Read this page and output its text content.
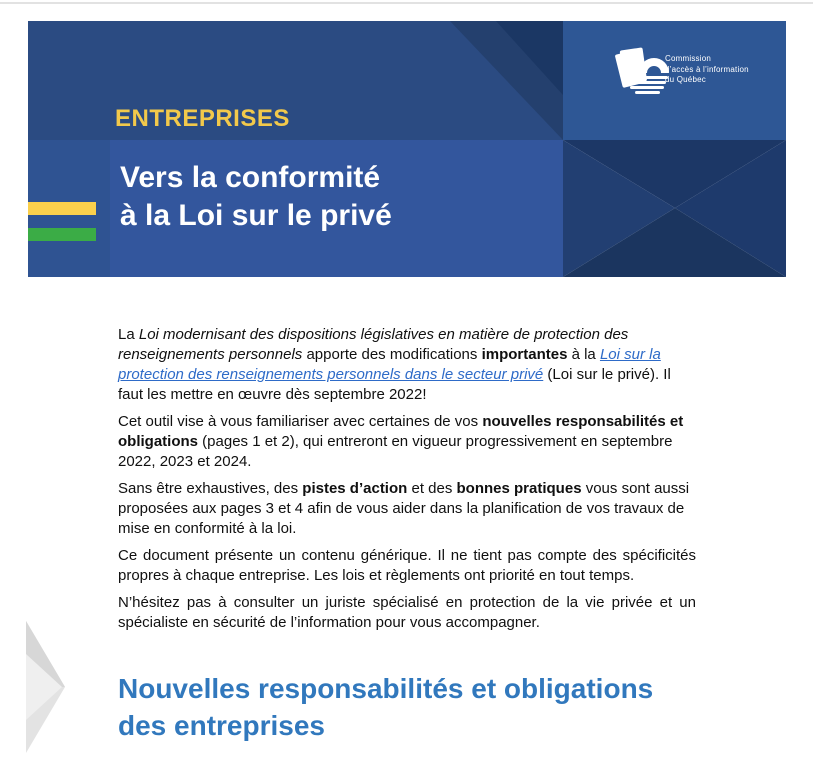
ENTREPRISES
Commission
d’accès à l’information
du Québec
Vers la conformité
à la Loi sur le privé

La Loi modernisant des dispositions législatives en matière de protection des renseignements personnels apporte des modifications importantes à la Loi sur la protection des renseignements personnels dans le secteur privé (Loi sur le privé). Il faut les mettre en œuvre dès septembre 2022!

Cet outil vise à vous familiariser avec certaines de vos nouvelles responsabilités et obligations (pages 1 et 2), qui entreront en vigueur progressivement en septembre 2022, 2023 et 2024.

Sans être exhaustives, des pistes d’action et des bonnes pratiques vous sont aussi proposées aux pages 3 et 4 afin de vous aider dans la planification de vos travaux de mise en conformité à la loi.

Ce document présente un contenu générique. Il ne tient pas compte des spécificités propres à chaque entreprise. Les lois et règlements ont priorité en tout temps.

N’hésitez pas à consulter un juriste spécialisé en protection de la vie privée et un spécialiste en sécurité de l’information pour vous accompagner.

Nouvelles responsabilités et obligations
des entreprises
